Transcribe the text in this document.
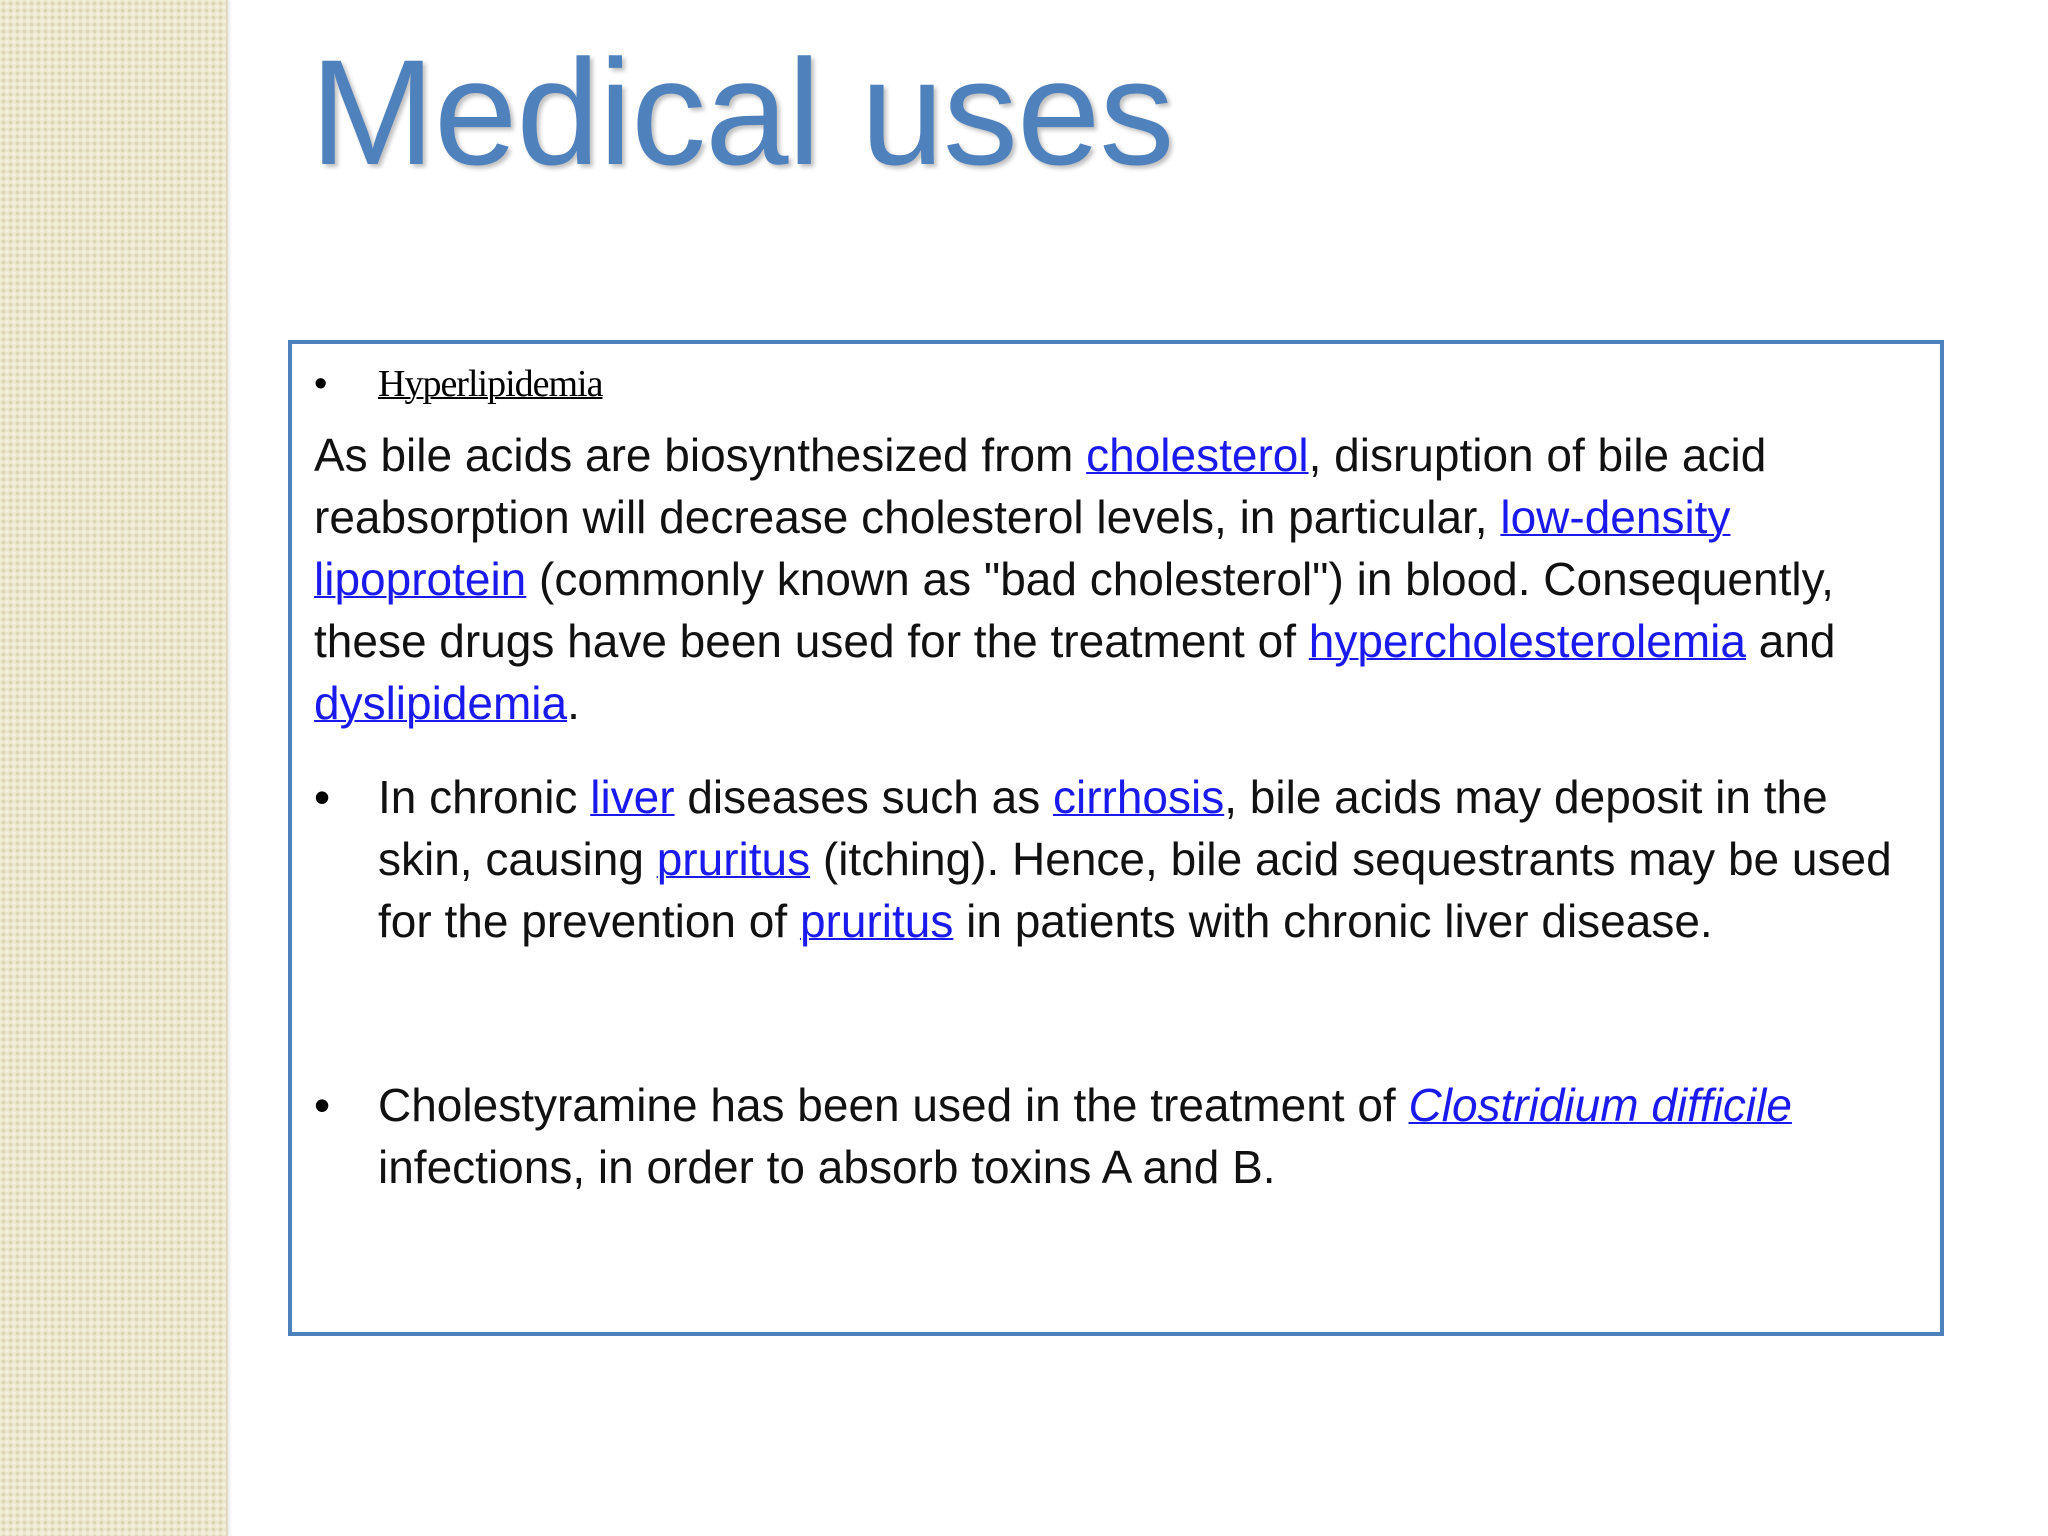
Medical uses
•	Hyperlipidemia
As bile acids are biosynthesized from cholesterol, disruption of bile acid reabsorption will decrease cholesterol levels, in particular, low-density lipoprotein (commonly known as "bad cholesterol") in blood. Consequently, these drugs have been used for the treatment of hypercholesterolemia and dyslipidemia.
•	In chronic liver diseases such as cirrhosis, bile acids may deposit in the skin, causing pruritus (itching). Hence, bile acid sequestrants may be used for the prevention of pruritus in patients with chronic liver disease.
•	Cholestyramine has been used in the treatment of Clostridium difficile infections, in order to absorb toxins A and B.
